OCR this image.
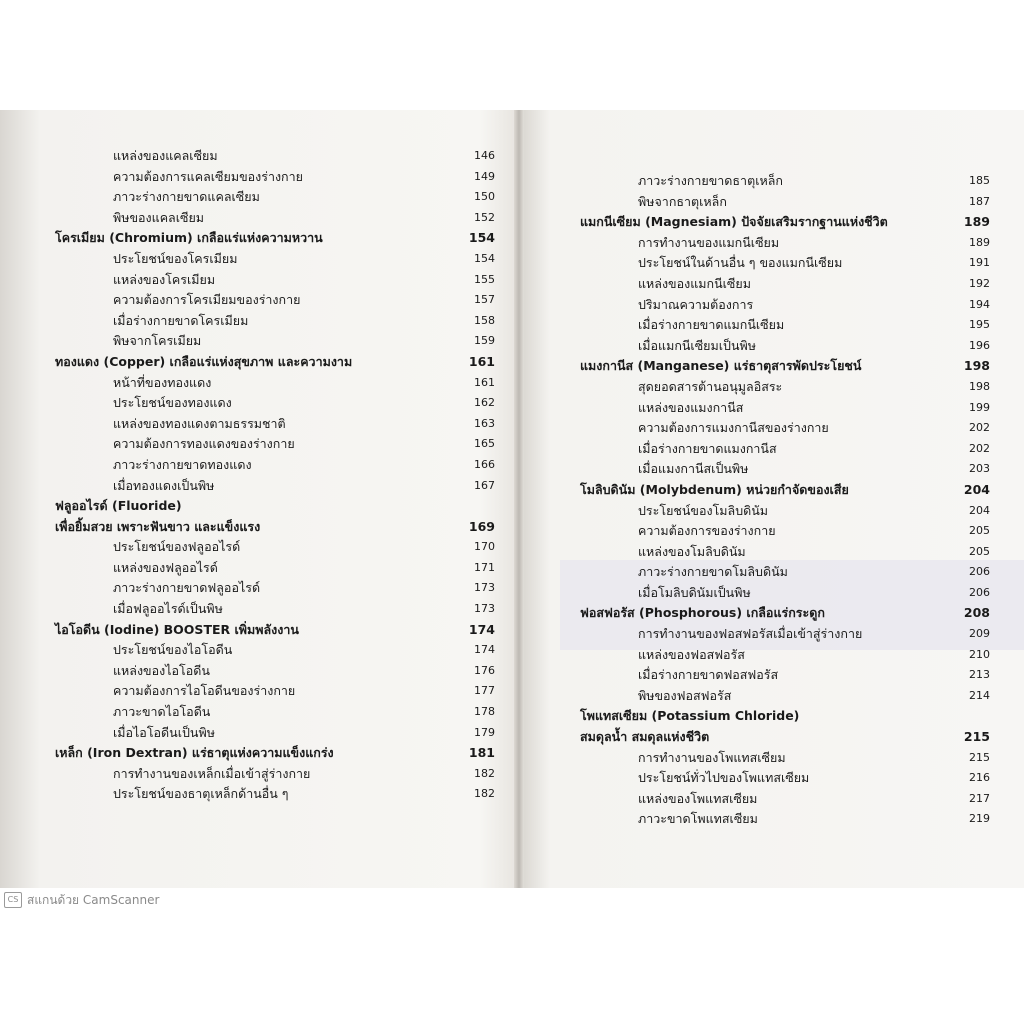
แหล่งของแคลเซียม	146
ความต้องการแคลเซียมของร่างกาย	149
ภาวะร่างกายขาดแคลเซียม	150
พิษของแคลเซียม	152
โครเมียม (Chromium) เกลือแร่แห่งความหวาน	154
ประโยชน์ของโครเมียม	154
แหล่งของโครเมียม	155
ความต้องการโครเมียมของร่างกาย	157
เมื่อร่างกายขาดโครเมียม	158
พิษจากโครเมียม	159
ทองแดง (Copper) เกลือแร่แห่งสุขภาพ และความงาม	161
หน้าที่ของทองแดง	161
ประโยชน์ของทองแดง	162
แหล่งของทองแดงตามธรรมชาติ	163
ความต้องการทองแดงของร่างกาย	165
ภาวะร่างกายขาดทองแดง	166
เมื่อทองแดงเป็นพิษ	167
ฟลูออไรด์ (Fluoride)
เพื่อยิ้มสวย เพราะฟันขาว และแข็งแรง	169
ประโยชน์ของฟลูออไรด์	170
แหล่งของฟลูออไรด์	171
ภาวะร่างกายขาดฟลูออไรด์	173
เมื่อฟลูออไรด์เป็นพิษ	173
ไอโอดีน (Iodine) BOOSTER เพิ่มพลังงาน	174
ประโยชน์ของไอโอดีน	174
แหล่งของไอโอดีน	176
ความต้องการไอโอดีนของร่างกาย	177
ภาวะขาดไอโอดีน	178
เมื่อไอโอดีนเป็นพิษ	179
เหล็ก (Iron Dextran) แร่ธาตุแห่งความแข็งแกร่ง	181
การทำงานของเหล็กเมื่อเข้าสู่ร่างกาย	182
ประโยชน์ของธาตุเหล็กด้านอื่น ๆ	182
ภาวะร่างกายขาดธาตุเหล็ก	185
พิษจากธาตุเหล็ก	187
แมกนีเซียม (Magnesiam) ปัจจัยเสริมรากฐานแห่งชีวิต	189
การทำงานของแมกนีเซียม	189
ประโยชน์ในด้านอื่น ๆ ของแมกนีเซียม	191
แหล่งของแมกนีเซียม	192
ปริมาณความต้องการ	194
เมื่อร่างกายขาดแมกนีเซียม	195
เมื่อแมกนีเซียมเป็นพิษ	196
แมงกานีส (Manganese) แร่ธาตุสารพัดประโยชน์	198
สุดยอดสารต้านอนุมูลอิสระ	198
แหล่งของแมงกานีส	199
ความต้องการแมงกานีสของร่างกาย	202
เมื่อร่างกายขาดแมงกานีส	202
เมื่อแมงกานีสเป็นพิษ	203
โมลิบดินัม (Molybdenum) หน่วยกำจัดของเสีย	204
ประโยชน์ของโมลิบดินัม	204
ความต้องการของร่างกาย	205
แหล่งของโมลิบดินัม	205
ภาวะร่างกายขาดโมลิบดินัม	206
เมื่อโมลิบดินัมเป็นพิษ	206
ฟอสฟอรัส (Phosphorous) เกลือแร่กระดูก	208
การทำงานของฟอสฟอรัสเมื่อเข้าสู่ร่างกาย	209
แหล่งของฟอสฟอรัส	210
เมื่อร่างกายขาดฟอสฟอรัส	213
พิษของฟอสฟอรัส	214
โพแทสเซียม (Potassium Chloride)
สมดุลน้ำ สมดุลแห่งชีวิต	215
การทำงานของโพแทสเซียม	215
ประโยชน์ทั่วไปของโพแทสเซียม	216
แหล่งของโพแทสเซียม	217
ภาวะขาดโพแทสเซียม	219
CS สแกนด้วย CamScanner
